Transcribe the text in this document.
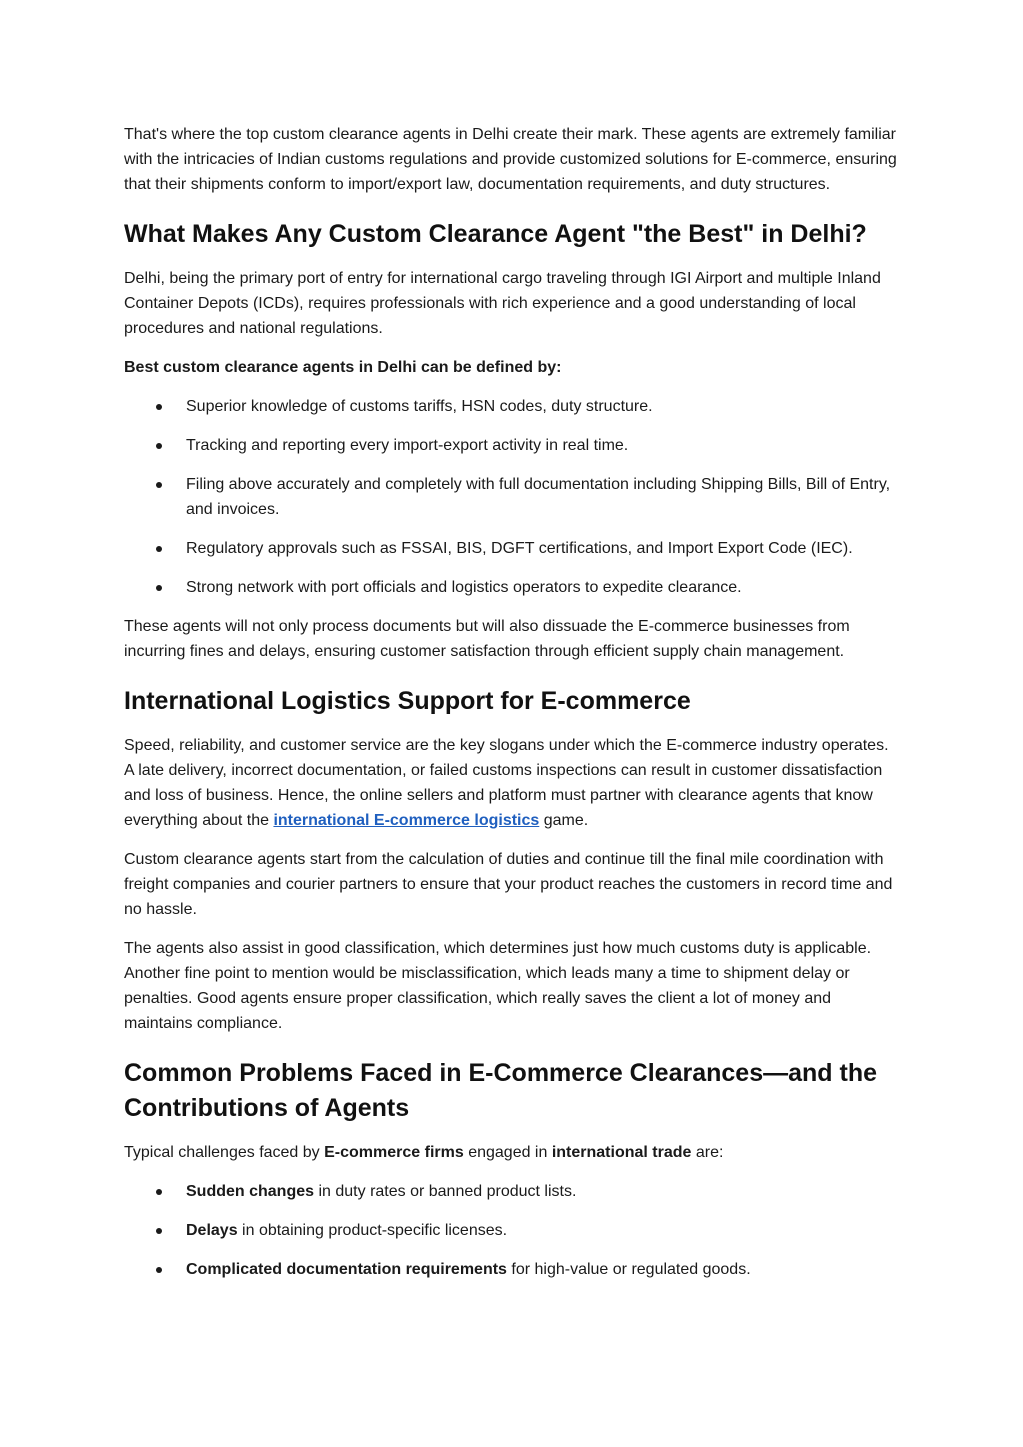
That's where the top custom clearance agents in Delhi create their mark. These agents are extremely familiar with the intricacies of Indian customs regulations and provide customized solutions for E-commerce, ensuring that their shipments conform to import/export law, documentation requirements, and duty structures.

What Makes Any Custom Clearance Agent "the Best" in Delhi?

Delhi, being the primary port of entry for international cargo traveling through IGI Airport and multiple Inland Container Depots (ICDs), requires professionals with rich experience and a good understanding of local procedures and national regulations.

Best custom clearance agents in Delhi can be defined by:

Superior knowledge of customs tariffs, HSN codes, duty structure.
Tracking and reporting every import-export activity in real time.
Filing above accurately and completely with full documentation including Shipping Bills, Bill of Entry, and invoices.
Regulatory approvals such as FSSAI, BIS, DGFT certifications, and Import Export Code (IEC).
Strong network with port officials and logistics operators to expedite clearance.

These agents will not only process documents but will also dissuade the E-commerce businesses from incurring fines and delays, ensuring customer satisfaction through efficient supply chain management.

International Logistics Support for E-commerce

Speed, reliability, and customer service are the key slogans under which the E-commerce industry operates. A late delivery, incorrect documentation, or failed customs inspections can result in customer dissatisfaction and loss of business. Hence, the online sellers and platform must partner with clearance agents that know everything about the international E-commerce logistics game.

Custom clearance agents start from the calculation of duties and continue till the final mile coordination with freight companies and courier partners to ensure that your product reaches the customers in record time and no hassle.

The agents also assist in good classification, which determines just how much customs duty is applicable. Another fine point to mention would be misclassification, which leads many a time to shipment delay or penalties. Good agents ensure proper classification, which really saves the client a lot of money and maintains compliance.

Common Problems Faced in E-Commerce Clearances—and the Contributions of Agents

Typical challenges faced by E-commerce firms engaged in international trade are:

Sudden changes in duty rates or banned product lists.
Delays in obtaining product-specific licenses.
Complicated documentation requirements for high-value or regulated goods.
